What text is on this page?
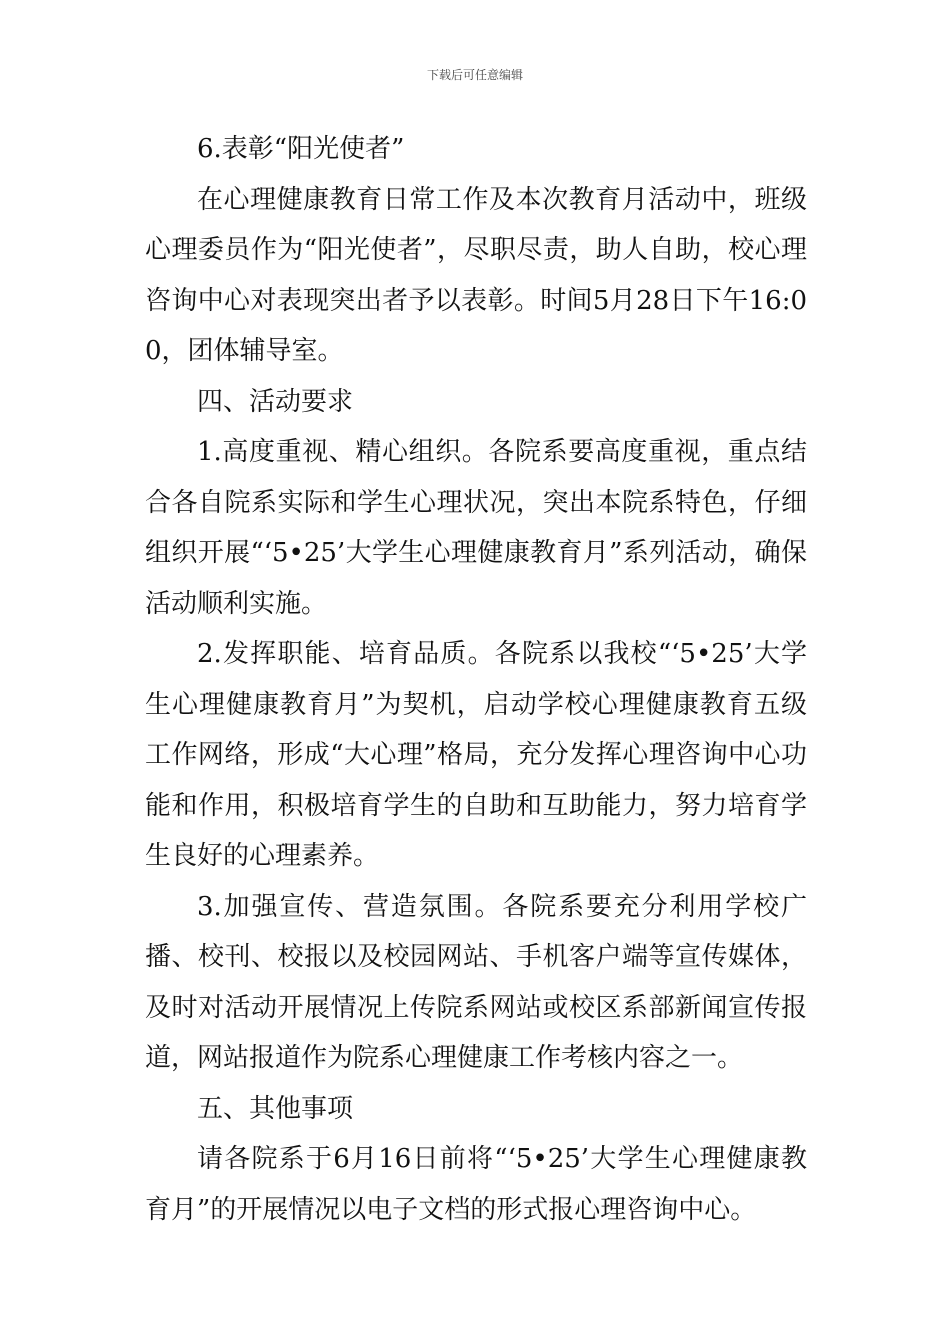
下载后可任意编辑

6.表彰“阳光使者”

在心理健康教育日常工作及本次教育月活动中，班级心理委员作为“阳光使者”，尽职尽责，助人自助，校心理咨询中心对表现突出者予以表彰。时间5月28日下午16:00，团体辅导室。

四、活动要求

1.高度重视、精心组织。各院系要高度重视，重点结合各自院系实际和学生心理状况，突出本院系特色，仔细组织开展“‘5•25’大学生心理健康教育月”系列活动，确保活动顺利实施。

2.发挥职能、培育品质。各院系以我校“‘5•25’大学生心理健康教育月”为契机，启动学校心理健康教育五级工作网络，形成“大心理”格局，充分发挥心理咨询中心功能和作用，积极培育学生的自助和互助能力，努力培育学生良好的心理素养。

3.加强宣传、营造氛围。各院系要充分利用学校广播、校刊、校报以及校园网站、手机客户端等宣传媒体，及时对活动开展情况上传院系网站或校区系部新闻宣传报道，网站报道作为院系心理健康工作考核内容之一。

五、其他事项

请各院系于6月16日前将“‘5•25’大学生心理健康教育月”的开展情况以电子文档的形式报心理咨询中心。
